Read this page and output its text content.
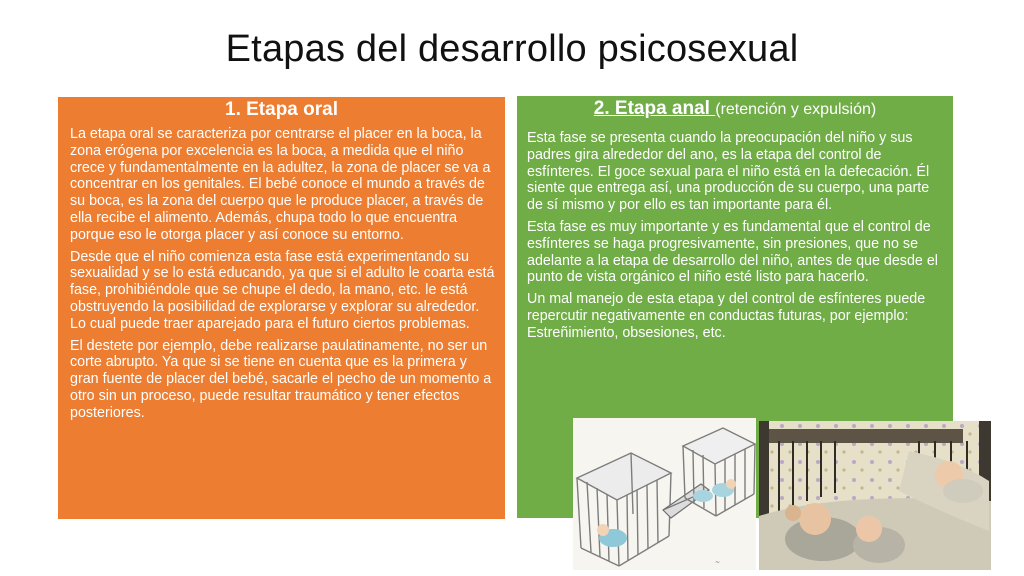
Etapas del desarrollo psicosexual
1. Etapa oral

La etapa oral se caracteriza por centrarse el placer en la boca, la zona erógena por excelencia es la boca, a medida que el niño crece y fundamentalmente en la adultez, la zona de placer se va a concentrar en los genitales. El bebé conoce el mundo a través de su boca, es la zona del cuerpo que le produce placer, a través de ella recibe el alimento. Además, chupa todo lo que encuentra porque eso le otorga placer y así conoce su entorno.

Desde que el niño comienza esta fase está experimentando su sexualidad y se lo está educando, ya que si el adulto le coarta está fase, prohibiéndole que se chupe el dedo, la mano, etc. le está obstruyendo la posibilidad de explorarse y explorar su alrededor. Lo cual puede traer aparejado para el futuro ciertos problemas.

El destete por ejemplo, debe realizarse paulatinamente, no ser un corte abrupto. Ya que si se tiene en cuenta que es la primera y gran fuente de placer del bebé, sacarle el pecho de un momento a otro sin un proceso, puede resultar traumático y tener efectos posteriores.

2. Etapa anal (retención y expulsión)

Esta fase se presenta cuando la preocupación del niño y sus padres gira alrededor del ano, es la etapa del control de esfínteres. El goce sexual para el niño está en la defecación. Él siente que entrega así, una producción de su cuerpo, una parte de sí mismo y por ello es tan importante para él.

Esta fase es muy importante y es fundamental que el control de esfínteres se haga progresivamente, sin presiones, que no se adelante a la etapa de desarrollo del niño, antes de que desde el punto de vista orgánico el niño esté listo para hacerlo.

Un mal manejo de esta etapa y del control de esfínteres puede repercutir negativamente en conductas futuras, por ejemplo: Estreñimiento, obsesiones, etc.

~
